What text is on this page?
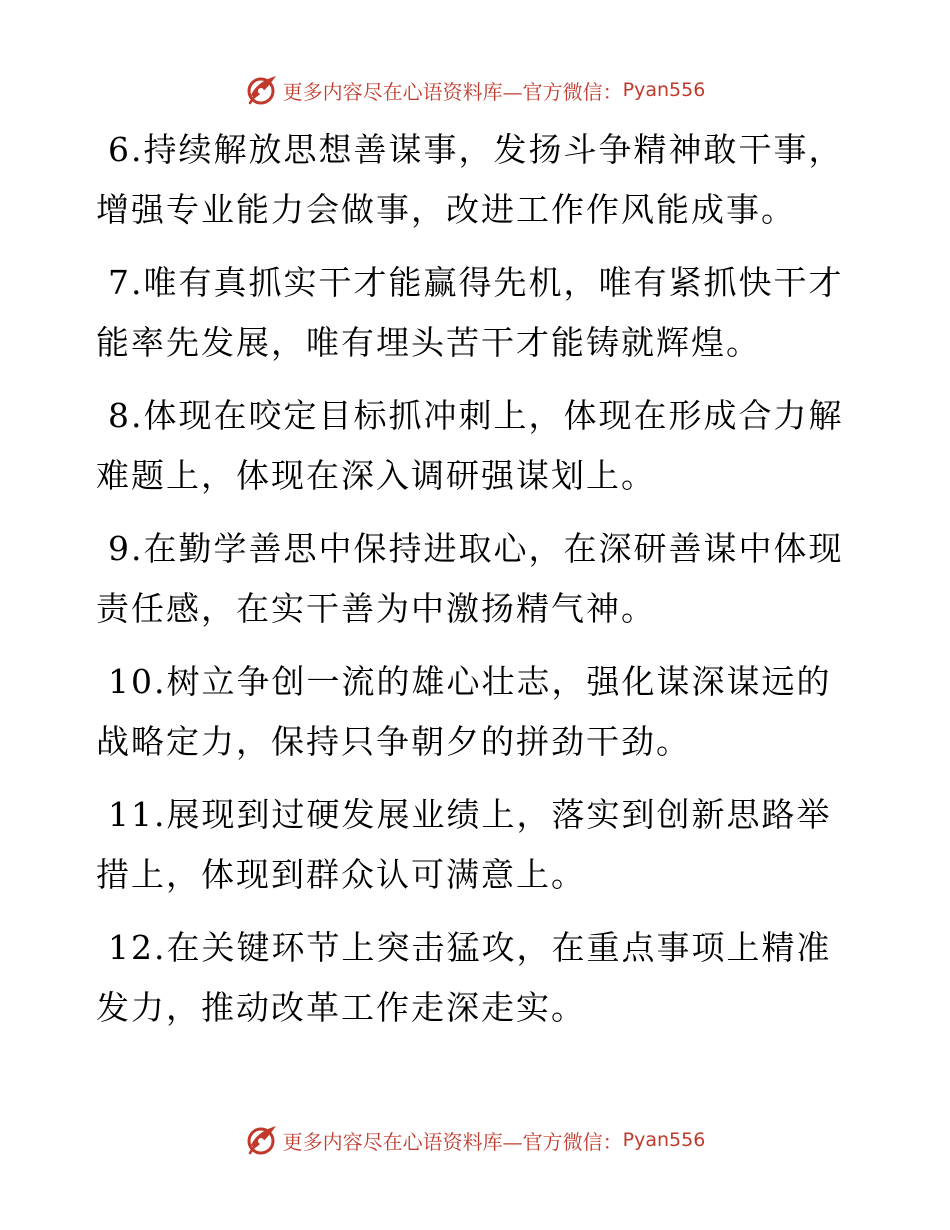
更多内容尽在心语资料库—官方微信： Pyan556

6.持续解放思想善谋事，发扬斗争精神敢干事，增强专业能力会做事，改进工作作风能成事。

7.唯有真抓实干才能赢得先机，唯有紧抓快干才能率先发展，唯有埋头苦干才能铸就辉煌。

8.体现在咬定目标抓冲刺上，体现在形成合力解难题上，体现在深入调研强谋划上。

9.在勤学善思中保持进取心，在深研善谋中体现责任感，在实干善为中激扬精气神。

10.树立争创一流的雄心壮志，强化谋深谋远的战略定力，保持只争朝夕的拼劲干劲。

11.展现到过硬发展业绩上，落实到创新思路举措上，体现到群众认可满意上。

12.在关键环节上突击猛攻，在重点事项上精准发力，推动改革工作走深走实。

更多内容尽在心语资料库—官方微信： Pyan556
